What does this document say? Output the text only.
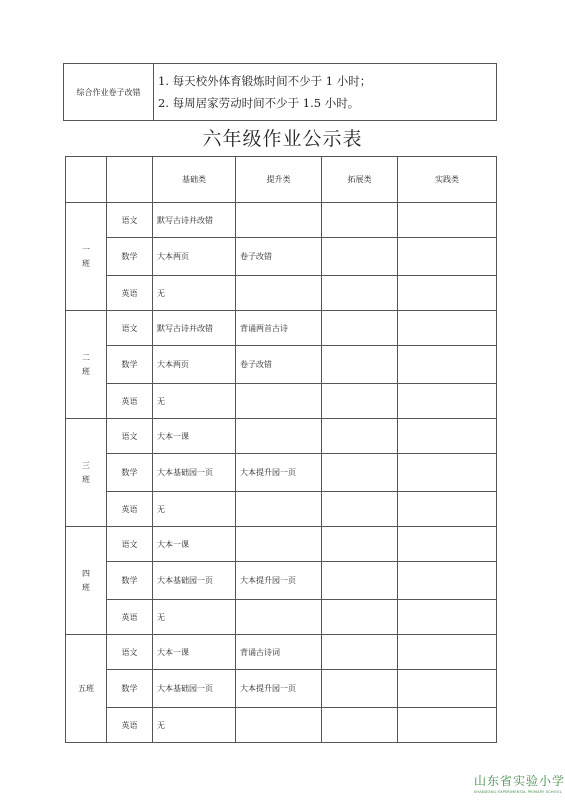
综合作业卷子改错	
1. 每天校外体育锻炼时间不少于 1 小时；
2. 每周居家劳动时间不少于 1.5 小时。
六年级作业公示表
		基础类	提升类	拓展类	实践类

一
班	语文	默写古诗并改错			
	数学	大本两页	卷子改错		
	英语	无			

二
班	语文	默写古诗并改错	背诵两首古诗		
	数学	大本两页	卷子改错		
	英语	无			

三
班	语文	大本一课			
	数学	大本基础园一页	大本提升园一页		
	英语	无			

四
班	语文	大本一课			
	数学	大本基础园一页	大本提升园一页		
	英语	无			

五班	语文	大本一课	背诵古诗词		
	数学	大本基础园一页	大本提升园一页		
	英语	无			
山东省实验小学
SHANDONG EXPERIMENTAL PRIMARY SCHOOL
